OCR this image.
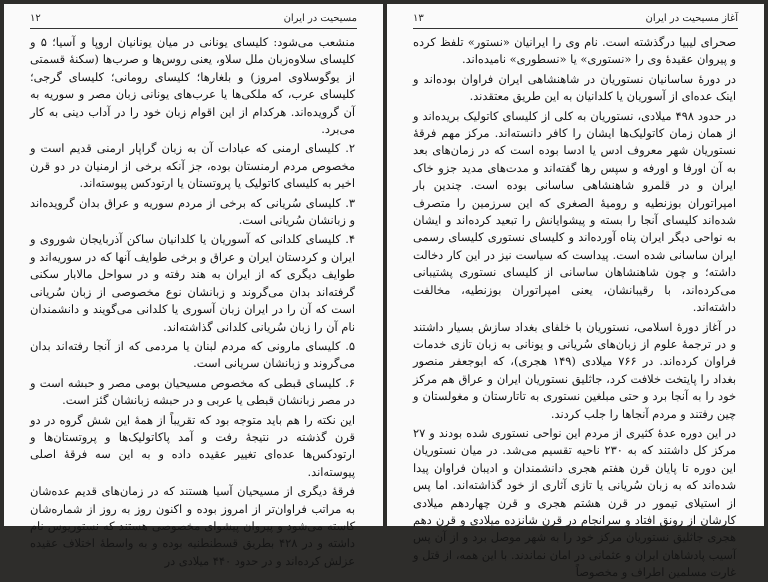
مسیحیت در ایران
۱۲

منشعب می‌شود: کلیسای یونانی در میان یونانیان اروپا و آسیا؛ ۵ و کلیسای سلاوه‌زبان ملل سلاو، یعنی روس‌ها و صرب‌ها (سکنهٔ قسمتی از یوگوسلاوی امروز) و بلغارها؛ کلیسای رومانی؛ کلیسای گرجی؛ کلیسای عرب، که ملکی‌ها یا عرب‌های یونانی زبان مصر و سوریه به آن گرویده‌اند. هرکدام از این اقوام زبان خود را در آداب دینی به کار می‌برد.

۲. کلیسای ارمنی که عبادات آن به زبان گراپار ارمنی قدیم است و مخصوص مردم ارمنستان بوده، جز آنکه برخی از ارمنیان در دو قرن اخیر به کلیسای کاتولیک یا پروتستان یا ارتودکس پیوسته‌اند.

۳. کلیسای سُریانی که برخی از مردم سوریه و عراق بدان گرویده‌اند و زبانشان سُریانی است.

۴. کلیسای کلدانی که آسوریان یا کلدانیان ساکن آذربایجان شوروی و ایران و کردستان ایران و عراق و برخی طوایف آنها که در سوریه‌اند و طوایف دیگری که از ایران به هند رفته و در سواحل مالابار سکنی گرفته‌اند بدان می‌گروند و زبانشان نوع مخصوصی از زبان سُریانی است که آن را در ایران زبان آسوری یا کلدانی می‌گویند و دانشمندان نام آن را زبان سُریانی کلدانی گذاشته‌اند.

۵. کلیسای مارونی که مردم لبنان یا مردمی که از آنجا رفته‌اند بدان می‌گروند و زبانشان سریانی است.

۶. کلیسای قبطی که مخصوص مسیحیان بومی مصر و حبشه است و در مصر زبانشان قبطی یا عربی و در حبشه زبانشان گئز است.

این نکته را هم باید متوجه بود که تقریباً از همهٔ این شش گروه در دو قرن گذشته در نتیجهٔ رفت و آمد پاکاتولیک‌ها و پروتستان‌ها و ارتودکس‌ها عده‌ای تغییر عقیده داده و به این سه فرقهٔ اصلی پیوسته‌اند.

فرقهٔ دیگری از مسیحیان آسیا هستند که در زمان‌های قدیم عده‌شان به مراتب فراوان‌تر از امروز بوده و اکنون روز به روز از شماره‌شان کاسته می‌شود و پیروان پیشوای مخصوصی هستند که نستوریوس نام داشته و در ۴۲۸ بطریق قسطنطنیه بوده و به واسطهٔ اختلاف عقیده عزلش کرده‌اند و در حدود ۴۴۰ میلادی در

آغاز مسیحیت در ایران
۱۳

صحرای لیبیا درگذشته است. نام وی را ایرانیان «نستور» تلفظ کرده و پیروان عقیدهٔ وی را «نستوری» یا «نسطوری» نامیده‌اند.

در دورهٔ ساسانیان نستوریان در شاهنشاهی ایران فراوان بوده‌اند و اینک عده‌ای از آسوریان یا کلدانیان به این طریق معتقدند.

در حدود ۴۹۸ میلادی، نستوریان به کلی از کلیسای کاتولیک بریده‌اند و از همان زمان کاتولیک‌ها ایشان را کافر دانسته‌اند. مرکز مهم فرقهٔ نستوریان شهر معروف ادس یا ادسا بوده است که در زمان‌های بعد به آن اورفا و اورفه و سپس رها گفته‌اند و مدت‌های مدید جزو خاک ایران و در قلمرو شاهنشاهی ساسانی بوده است. چندین بار امپراتوران بوزنطیه و رومیهٔ الصغری که این سرزمین را متصرف شده‌اند کلیسای آنجا را بسته و پیشوایانش را تبعید کرده‌اند و ایشان به نواحی دیگر ایران پناه آورده‌اند و کلیسای نستوری کلیسای رسمی ایران ساسانی شده است. پیداست که سیاست نیز در این کار دخالت داشته؛ و چون شاهنشاهان ساسانی از کلیسای نستوری پشتیبانی می‌کرده‌اند، با رقیبانشان، یعنی امپراتوران بوزنطیه، مخالفت داشته‌اند.

در آغاز دورهٔ اسلامی، نستوریان با خلفای بغداد سازش بسیار داشتند و در ترجمهٔ علوم از زبان‌های سُریانی و یونانی به زبان تازی خدمات فراوان کرده‌اند. در ۷۶۶ میلادی (۱۴۹ هجری)، که ابوجعفر منصور بغداد را پایتخت خلافت کرد، جاثلیق نستوریان ایران و عراق هم مرکز خود را به آنجا برد و حتی مبلغین نستوری به تاتارستان و مغولستان و چین رفتند و مردم آنجاها را جلب کردند.

در این دوره عدهٔ کثیری از مردم این نواحی نستوری شده بودند و ۲۷ مرکز کل داشتند که به ۲۳۰ ناحیه تقسیم می‌شد. در میان نستوریان این دوره تا پایان قرن هفتم هجری دانشمندان و ادیبان فراوان پیدا شده‌اند که به زبان سُریانی یا تازی آثاری از خود گذاشته‌اند. اما پس از استیلای تیمور در قرن هشتم هجری و قرن چهاردهم میلادی کارشان از رونق افتاد و سرانجام در قرن شانزده میلادی و قرن دهم هجری جاثلیق نستوریان مرکز خود را به شهر موصل برد و از آن پس آسیب پادشاهان ایران و عثمانی در امان نماندند. با این همه، از قتل و غارت مسلمین اطراف و مخصوصاً
